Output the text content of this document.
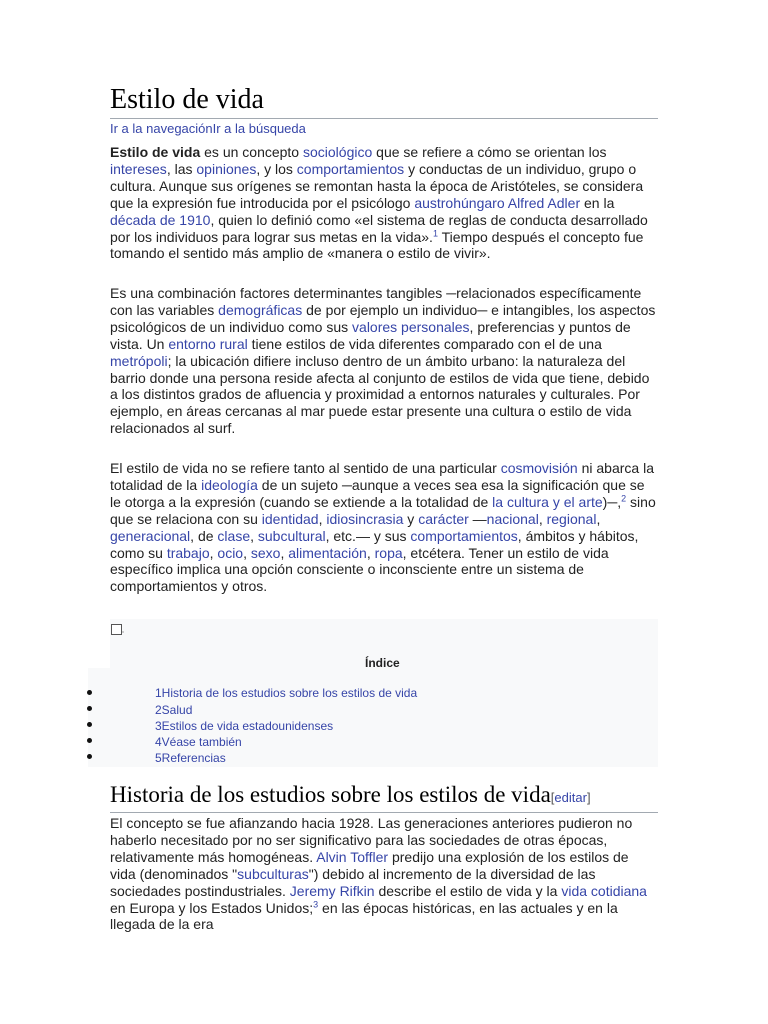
Estilo de vida
Ir a la navegaciónIr a la búsqueda

Estilo de vida es un concepto sociológico que se refiere a cómo se orientan los intereses, las opiniones, y los comportamientos y conductas de un individuo, grupo o cultura. Aunque sus orígenes se remontan hasta la época de Aristóteles, se considera que la expresión fue introducida por el psicólogo austrohúngaro Alfred Adler en la década de 1910, quien lo definió como «el sistema de reglas de conducta desarrollado por los individuos para lograr sus metas en la vida».$^1$ Tiempo después el concepto fue tomando el sentido más amplio de «manera o estilo de vivir».

Es una combinación factores determinantes tangibles ─relacionados específicamente con las variables demográficas de por ejemplo un individuo─ e intangibles, los aspectos psicológicos de un individuo como sus valores personales, preferencias y puntos de vista. Un entorno rural tiene estilos de vida diferentes comparado con el de una metrópoli; la ubicación difiere incluso dentro de un ámbito urbano: la naturaleza del barrio donde una persona reside afecta al conjunto de estilos de vida que tiene, debido a los distintos grados de afluencia y proximidad a entornos naturales y culturales. Por ejemplo, en áreas cercanas al mar puede estar presente una cultura o estilo de vida relacionados al surf.

El estilo de vida no se refiere tanto al sentido de una particular cosmovisión ni abarca la totalidad de la ideología de un sujeto ─aunque a veces sea esa la significación que se le otorga a la expresión (cuando se extiende a la totalidad de la cultura y el arte)─,$^2$ sino que se relaciona con su identidad, idiosincrasia y carácter —nacional, regional, generacional, de clase, subcultural, etc.— y sus comportamientos, ámbitos y hábitos, como su trabajo, ocio, sexo, alimentación, ropa, etcétera. Tener un estilo de vida específico implica una opción consciente o inconsciente entre un sistema de comportamientos y otros.

Índice
1Historia de los estudios sobre los estilos de vida
2Salud
3Estilos de vida estadounidenses
4Véase también
5Referencias
Historia de los estudios sobre los estilos de vida[editar]

El concepto se fue afianzando hacia 1928. Las generaciones anteriores pudieron no haberlo necesitado por no ser significativo para las sociedades de otras épocas, relativamente más homogéneas. Alvin Toffler predijo una explosión de los estilos de vida (denominados "subculturas") debido al incremento de la diversidad de las sociedades postindustriales. Jeremy Rifkin describe el estilo de vida y la vida cotidiana en Europa y los Estados Unidos;$^3$ en las épocas históricas, en las actuales y en la llegada de la era
